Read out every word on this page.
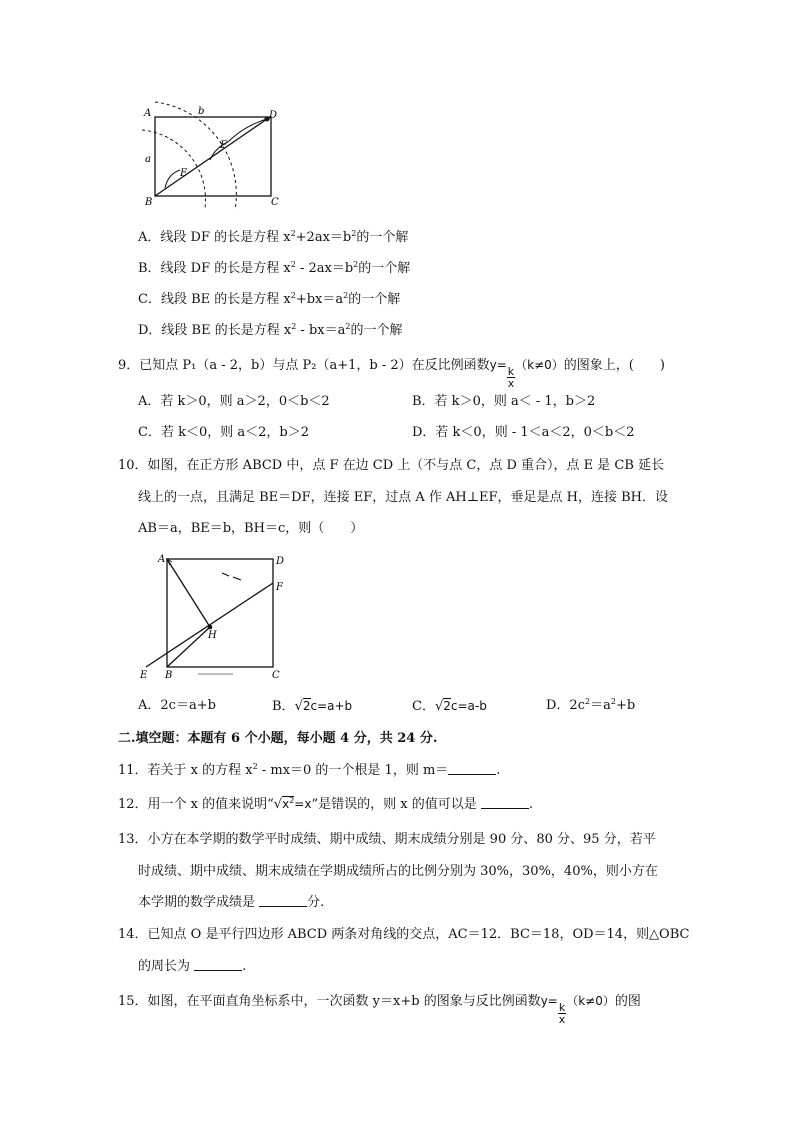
A	b	D
a
F
E
B	C
A．线段 DF 的长是方程 $x^2+2ax=b^2$的一个解
B．线段 DF 的长是方程 $x^2 - 2ax=b^2$的一个解
C．线段 BE 的长是方程 $x^2+bx=a^2$的一个解
D．线段 BE 的长是方程 $x^2 - bx=a^2$的一个解
9．已知点 P₁（a - 2，b）与点 P₂（a+1，b - 2）在反比例函数y=
$\frac{k}{x}$
（k≠0）的图象上，(　　)
A．若 k＞0，则 a＞2，0＜b＜2	B．若 k＞0，则 a＜ - 1，b＞2
C．若 k＜0，则 a＜2，b＞2	D．若 k＜0，则 - 1＜a＜2，0＜b＜2
10．如图，在正方形 ABCD 中，点 F 在边 CD 上（不与点 C，点 D 重合），点 E 是 CB 延长
线上的一点，且满足 BE＝DF，连接 EF，过点 A 作 AH⊥EF，垂足是点 H，连接 BH．设
AB＝a，BE＝b，BH＝c，则（　　）
A	D
F
H
E B	C
A．2c＝a+b	B．√2c=a+b	C．√2c=a-b	D．$2c^2=a^2+b$
二.填空题：本题有 6 个小题，每小题 4 分，共 24 分.
11．若关于 x 的方程 $x^2 - mx=0$ 的一个根是 1，则 m＝	.
12．用一个 x 的值来说明“$√x^2=x$”是错误的，则 x 的值可以是	.
13．小方在本学期的数学平时成绩、期中成绩、期末成绩分别是 90 分、80 分、95 分，若平
时成绩、期中成绩、期末成绩在学期成绩所占的比例分别为 30%，30%，40%，则小方在
本学期的数学成绩是	分.
14．已知点 O 是平行四边形 ABCD 两条对角线的交点，AC＝12．BC＝18，OD＝14，则△OBC
的周长为	.
15．如图，在平面直角坐标系中，一次函数 y＝x+b 的图象与反比例函数y=
$\frac{k}{x}$
（k≠0）的图
